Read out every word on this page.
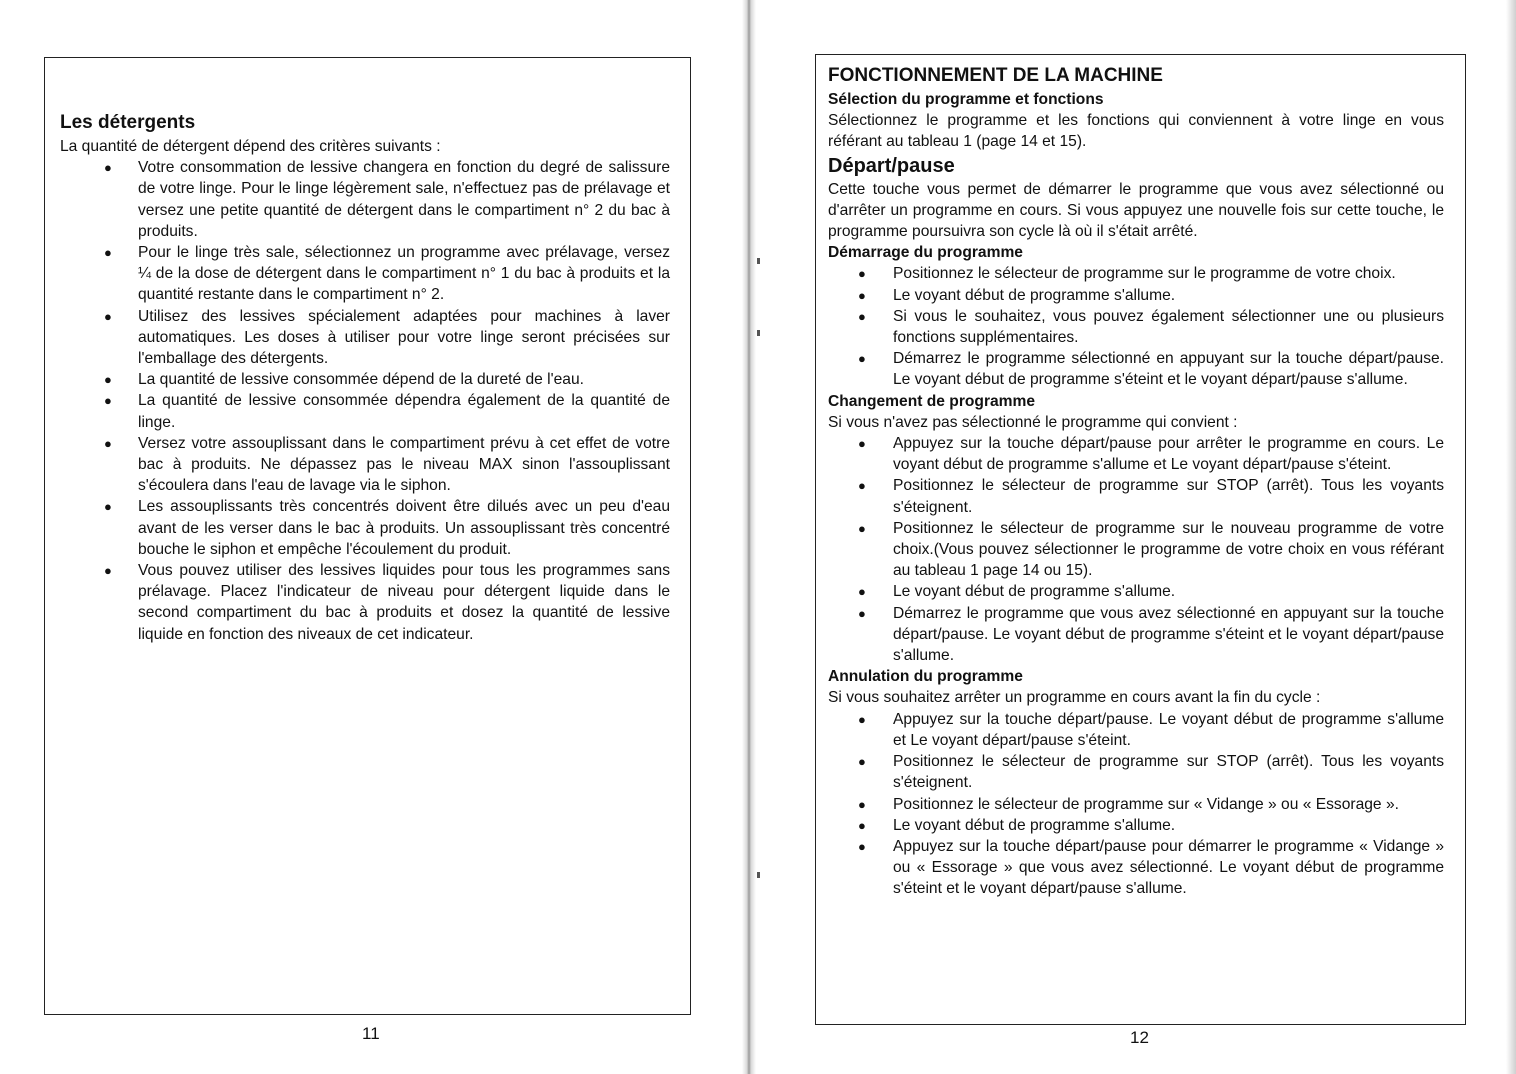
Les détergents

La quantité de détergent dépend des critères suivants :

● Votre consommation de lessive changera en fonction du degré de salissure de votre linge. Pour le linge légèrement sale, n'effectuez pas de prélavage et versez une petite quantité de détergent dans le compartiment n° 2 du bac à produits.
● Pour le linge très sale, sélectionnez un programme avec prélavage, versez ¼ de la dose de détergent dans le compartiment n° 1 du bac à produits et la quantité restante dans le compartiment n° 2.
● Utilisez des lessives spécialement adaptées pour machines à laver automatiques. Les doses à utiliser pour votre linge seront précisées sur l'emballage des détergents.
● La quantité de lessive consommée dépend de la dureté de l'eau.
● La quantité de lessive consommée dépendra également de la quantité de linge.
● Versez votre assouplissant dans le compartiment prévu à cet effet de votre bac à produits. Ne dépassez pas le niveau MAX sinon l'assouplissant s'écoulera dans l'eau de lavage via le siphon.
● Les assouplissants très concentrés doivent être dilués avec un peu d'eau avant de les verser dans le bac à produits. Un assouplissant très concentré bouche le siphon et empêche l'écoulement du produit.
● Vous pouvez utiliser des lessives liquides pour tous les programmes sans prélavage. Placez l'indicateur de niveau pour détergent liquide dans le second compartiment du bac à produits et dosez la quantité de lessive liquide en fonction des niveaux de cet indicateur.
11
FONCTIONNEMENT DE LA MACHINE
Sélection du programme et fonctions

Sélectionnez le programme et les fonctions qui conviennent à votre linge en vous référant au tableau 1 (page 14 et 15).

Départ/pause

Cette touche vous permet de démarrer le programme que vous avez sélectionné ou d'arrêter un programme en cours. Si vous appuyez une nouvelle fois sur cette touche, le programme poursuivra son cycle là où il s'était arrêté.

Démarrage du programme
● Positionnez le sélecteur de programme sur le programme de votre choix.
● Le voyant début de programme s'allume.
● Si vous le souhaitez, vous pouvez également sélectionner une ou plusieurs fonctions supplémentaires.
● Démarrez le programme sélectionné en appuyant sur la touche départ/pause. Le voyant début de programme s'éteint et le voyant départ/pause s'allume.
Changement de programme

Si vous n'avez pas sélectionné le programme qui convient :

● Appuyez sur la touche départ/pause pour arrêter le programme en cours. Le voyant début de programme s'allume et Le voyant départ/pause s'éteint.
● Positionnez le sélecteur de programme sur STOP (arrêt). Tous les voyants s'éteignent.
● Positionnez le sélecteur de programme sur le nouveau programme de votre choix.(Vous pouvez sélectionner le programme de votre choix en vous référant au tableau 1 page 14 ou 15).
● Le voyant début de programme s'allume.
● Démarrez le programme que vous avez sélectionné en appuyant sur la touche départ/pause. Le voyant début de programme s'éteint et le voyant départ/pause s'allume.
Annulation du programme

Si vous souhaitez arrêter un programme en cours avant la fin du cycle :

● Appuyez sur la touche départ/pause. Le voyant début de programme s'allume et Le voyant départ/pause s'éteint.
● Positionnez le sélecteur de programme sur STOP (arrêt). Tous les voyants s'éteignent.
● Positionnez le sélecteur de programme sur « Vidange » ou « Essorage ».
● Le voyant début de programme s'allume.
● Appuyez sur la touche départ/pause pour démarrer le programme « Vidange » ou « Essorage » que vous avez sélectionné. Le voyant début de programme s'éteint et le voyant départ/pause s'allume.
12
